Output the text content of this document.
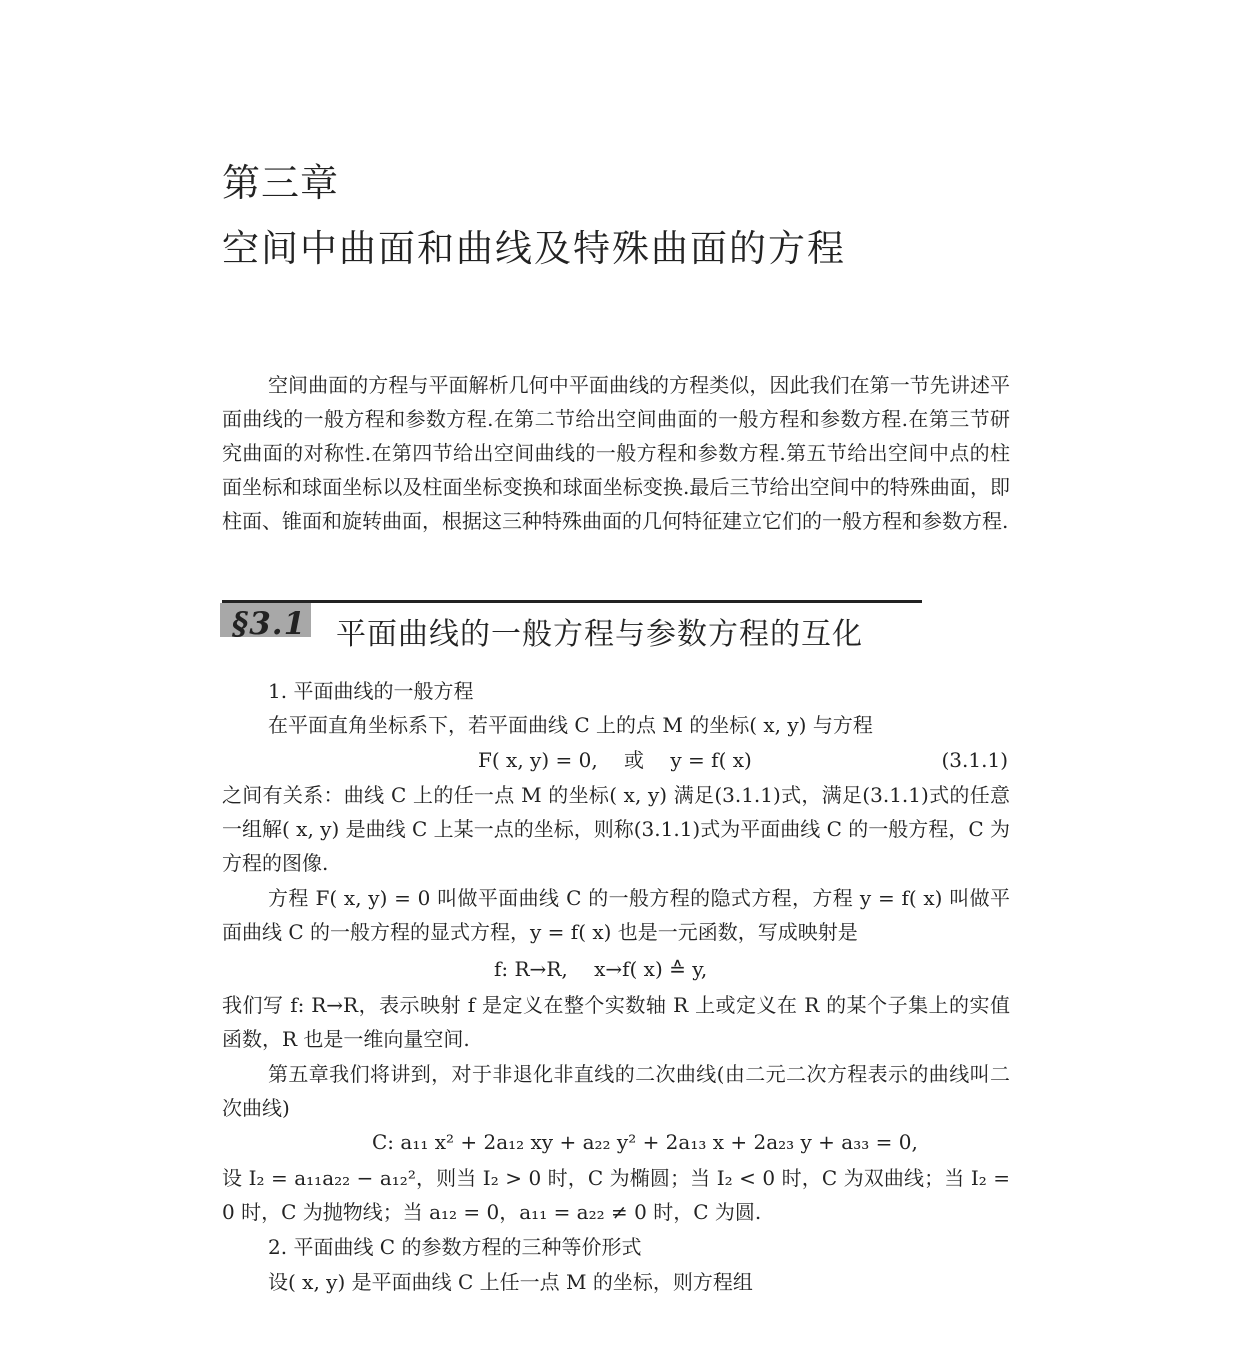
第三章
空间中曲面和曲线及特殊曲面的方程
空间曲面的方程与平面解析几何中平面曲线的方程类似，因此我们在第一节先讲述平面曲线的一般方程和参数方程.在第二节给出空间曲面的一般方程和参数方程.在第三节研究曲面的对称性.在第四节给出空间曲线的一般方程和参数方程.第五节给出空间中点的柱面坐标和球面坐标以及柱面坐标变换和球面坐标变换.最后三节给出空间中的特殊曲面，即柱面、锥面和旋转曲面，根据这三种特殊曲面的几何特征建立它们的一般方程和参数方程.
§3.1 平面曲线的一般方程与参数方程的互化
1. 平面曲线的一般方程
在平面直角坐标系下，若平面曲线 C 上的点 M 的坐标( x, y) 与方程
F( x, y) = 0,　 或　 y = f( x)	(3.1.1)
之间有关系：曲线 C 上的任一点 M 的坐标( x, y) 满足(3.1.1)式，满足(3.1.1)式的任意一组解( x, y) 是曲线 C 上某一点的坐标，则称(3.1.1)式为平面曲线 C 的一般方程，C 为方程的图像.
方程 F( x, y) = 0 叫做平面曲线 C 的一般方程的隐式方程，方程 y = f( x) 叫做平面曲线 C 的一般方程的显式方程，y = f( x) 也是一元函数，写成映射是
f: R→R,　 x→f( x) ≙ y,
我们写 f: R→R，表示映射 f 是定义在整个实数轴 R 上或定义在 R 的某个子集上的实值函数，R 也是一维向量空间.
第五章我们将讲到，对于非退化非直线的二次曲线(由二元二次方程表示的曲线叫二次曲线)
C: a₁₁ x² + 2a₁₂ xy + a₂₂ y² + 2a₁₃ x + 2a₂₃ y + a₃₃ = 0,
设 I₂ = a₁₁a₂₂ − a₁₂²，则当 I₂ > 0 时，C 为椭圆；当 I₂ < 0 时，C 为双曲线；当 I₂ = 0 时，C 为抛物线；当 a₁₂ = 0，a₁₁ = a₂₂ ≠ 0 时，C 为圆.
2. 平面曲线 C 的参数方程的三种等价形式
设( x, y) 是平面曲线 C 上任一点 M 的坐标，则方程组
